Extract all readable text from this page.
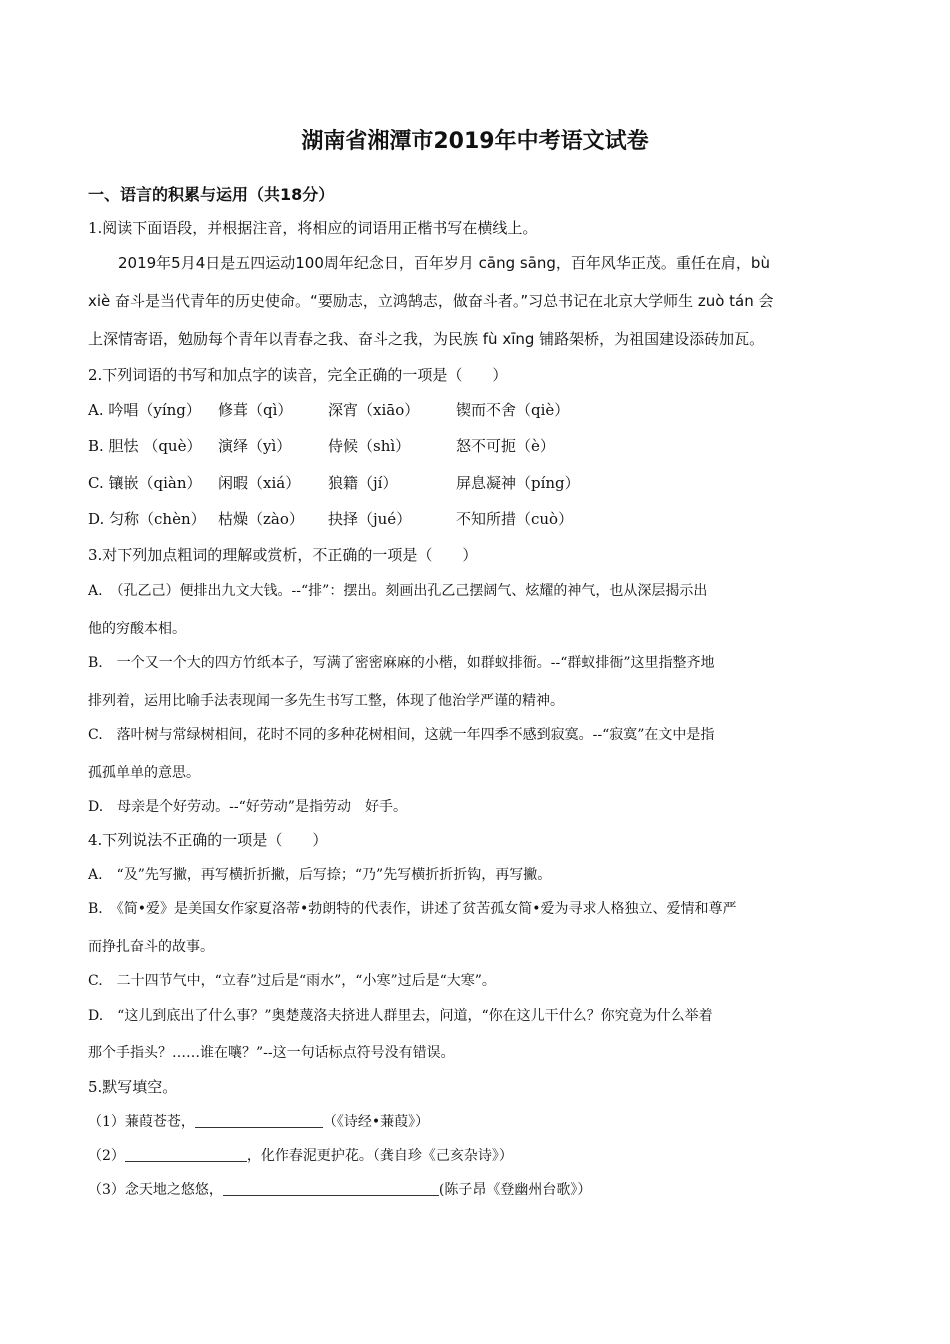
湖南省湘潭市2019年中考语文试卷
一、语言的积累与运用（共18分）
1.阅读下面语段，并根据注音，将相应的词语用正楷书写在横线上。
2019年5月4日是五四运动100周年纪念日，百年岁月 cāng sāng，百年风华正茂。重任在肩，bù
xiè 奋斗是当代青年的历史使命。“要励志，立鸿鹄志，做奋斗者。”习总书记在北京大学师生 zuò tán 会
上深情寄语，勉励每个青年以青春之我、奋斗之我，为民族 fù xīng 铺路架桥，为祖国建设添砖加瓦。
2.下列词语的书写和加点字的读音，完全正确的一项是（　　）
A. 吟唱（yíng） 修葺（qì） 深宵（xiāo） 锲而不舍（qiè）
B. 胆怯 （què） 演绎（yì） 侍候（shì）	怒不可扼（è）
C. 镶嵌（qiàn） 闲暇（xiá） 狼籍（jí）	屏息凝神（píng）
D. 匀称（chèn） 枯燥（zào） 抉择（jué）	不知所措（cuò）
3.对下列加点粗词的理解或赏析，不正确的一项是（　　）
A.　（孔乙己）便排出九文大钱。--“排”：摆出。刻画出孔乙己摆阔气、炫耀的神气，也从深层揭示出
他的穷酸本相。
B.　一个又一个大的四方竹纸本子，写满了密密麻麻的小楷，如群蚁排衙。--“群蚁排衙”这里指整齐地
排列着，运用比喻手法表现闻一多先生书写工整，体现了他治学严谨的精神。
C.　落叶树与常绿树相间，花时不同的多种花树相间，这就一年四季不感到寂寞。--“寂寞”在文中是指
孤孤单单的意思。
D.　母亲是个好劳动。--“好劳动”是指劳动　好手。
4.下列说法不正确的一项是（　　）
A.　“及”先写撇，再写横折折撇，后写捺；“乃”先写横折折折钩，再写撇。
B.　《简•爱》是美国女作家夏洛蒂•勃朗特的代表作，讲述了贫苦孤女简•爱为寻求人格独立、爱情和尊严
而挣扎奋斗的故事。
C.　二十四节气中，“立春”过后是“雨水”，“小寒”过后是“大寒”。
D.　“这儿到底出了什么事？”奥楚蔑洛夫挤进人群里去，问道，“你在这儿干什么？你究竟为什么举着
那个手指头？……谁在嚷？”--这一句话标点符号没有错误。
5.默写填空。
（1）蒹葭苍苍，	（《诗经•蒹葭》）
（2）	，化作春泥更护花。（龚自珍《己亥杂诗》）
（3）念天地之悠悠，	(陈子昂《登幽州台歌》）
